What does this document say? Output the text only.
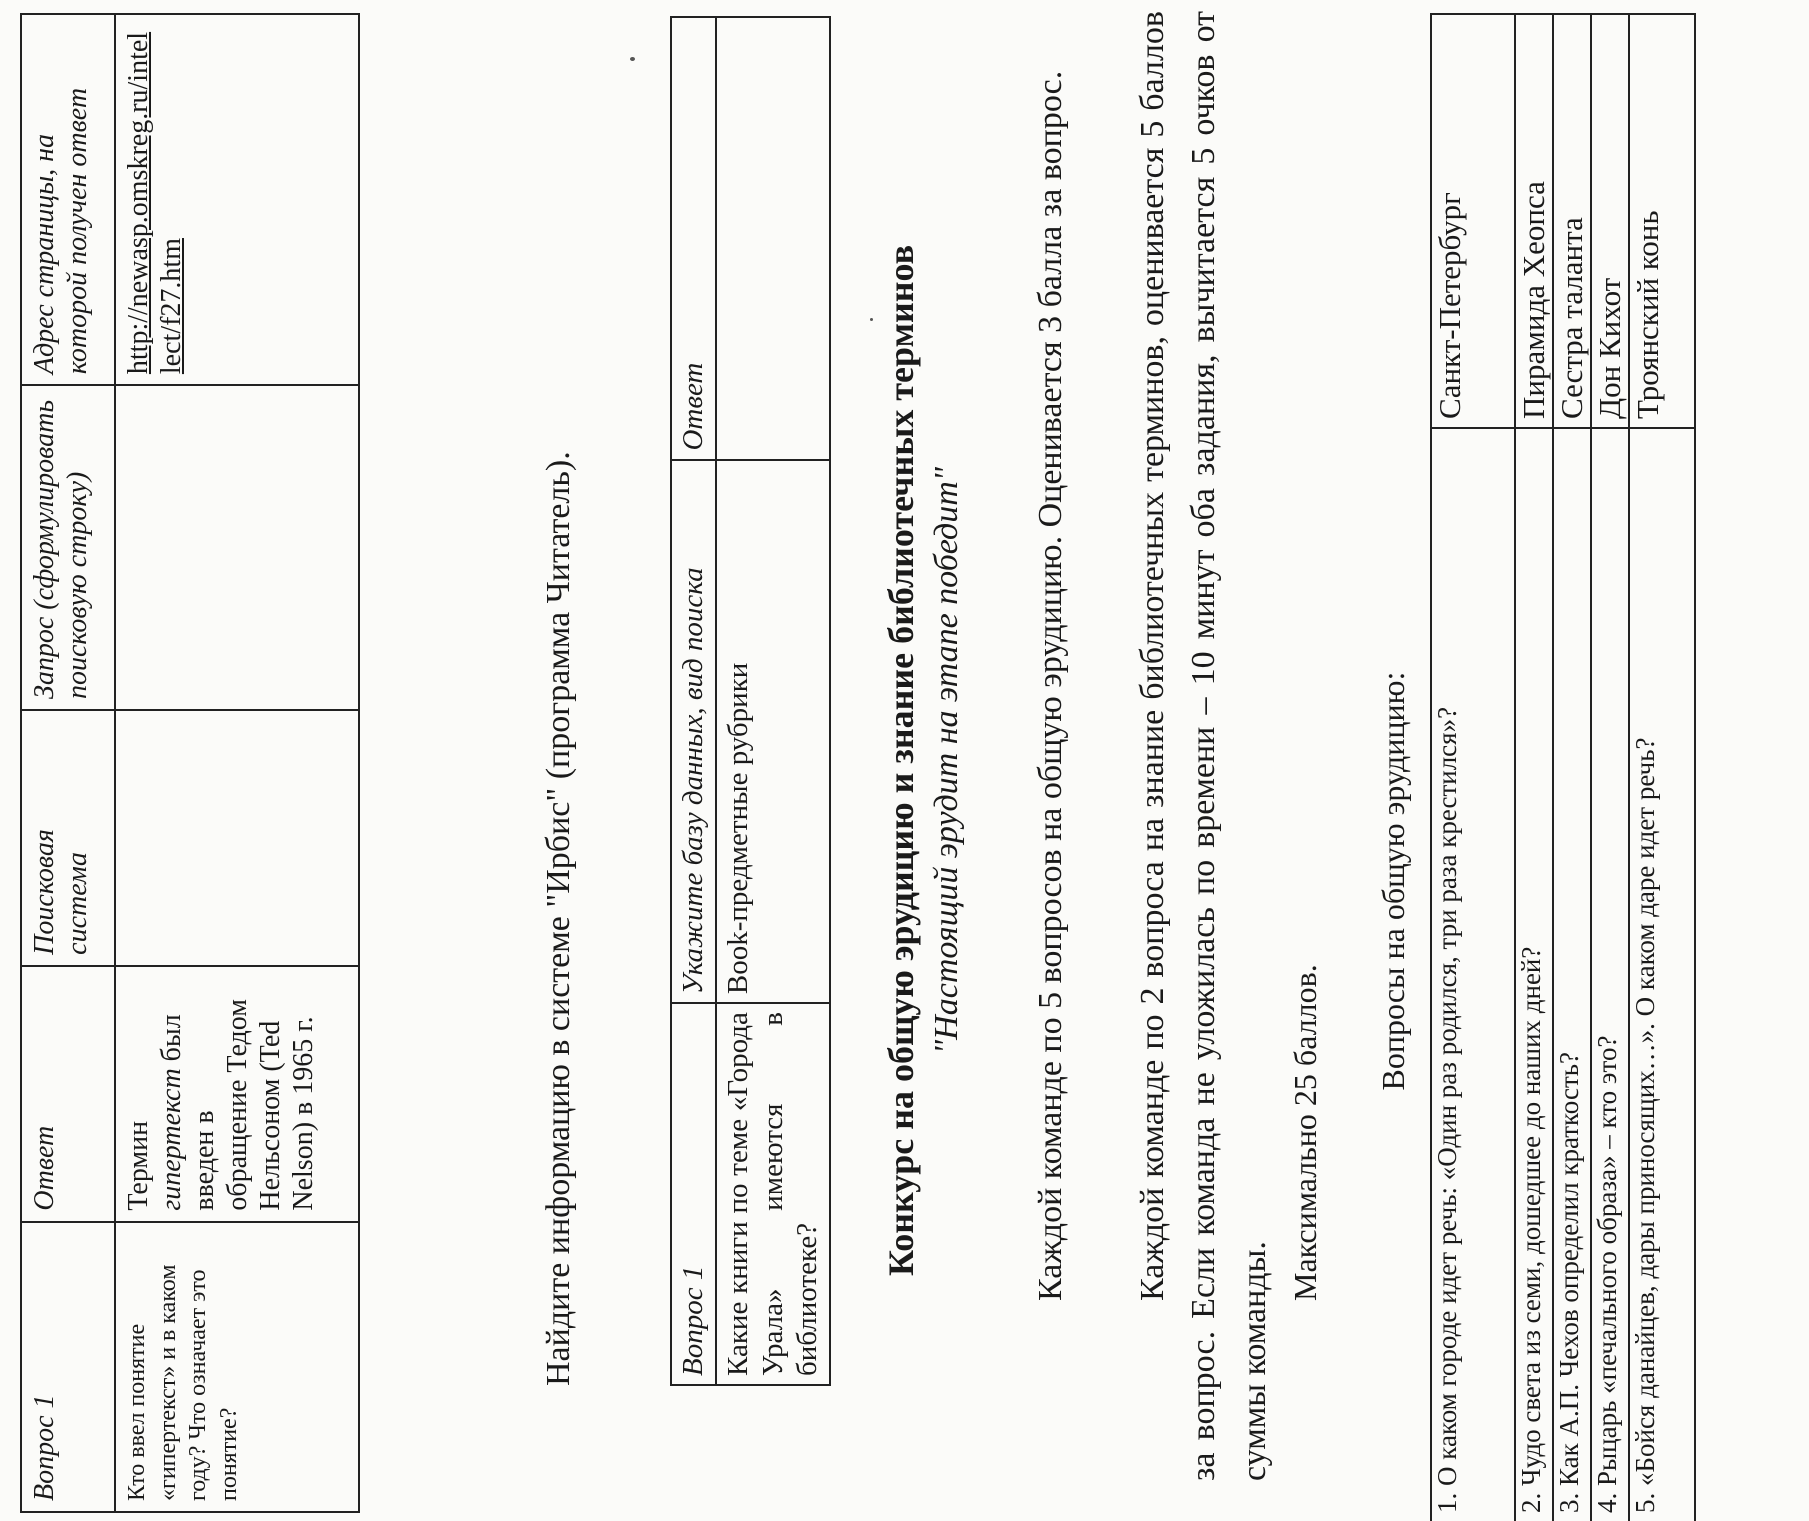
Вопрос 1	Ответ	Поисковая система	Запрос (сформулировать поисковую строку)	Адрес страницы, на которой получен ответ
Кто ввел понятие «гипертекст» и в каком году? Что означает это понятие?	Термин гипертекст был введен в обращение Тедом Нельсоном (Ted Nelson) в 1965 г.			http://newasp.omskreg.ru/intellect/f27.htm
Найдите информацию в системе "Ирбис" (программа Читатель).	Вопрос 1	Укажите базу данных, вид поиска	Ответ
Какие книги по теме «Города Урала» имеются в библиотеке?	Book-предметные рубрики		Конкурс на общую эрудицию и знание библиотечных терминов "Настоящий эрудит на этапе победит" Каждой команде по 5 вопросов на общую эрудицию. Оценивается 3 балла за вопрос. Каждой команде по 2 вопроса на знание библиотечных терминов, оценивается 5 баллов за вопрос. Если команда не уложилась по времени – 10 минут оба задания, вычитается 5 очков от суммы команды.
Максимально 25 баллов.
Вопросы на общую эрудицию: 1. О каком городе идет речь: «Один раз родился, три раза крестился»?	Санкт-Петербург
2. Чудо света из семи, дошедшее до наших дней?	Пирамида Хеопса
3. Как А.П. Чехов определил краткость?	Сестра таланта
4. Рыцарь «печального образа» – кто это?	Дон Кихот
5. «Бойся данайцев, дары приносящих…». О каком даре идет речь?	Троянский конь
